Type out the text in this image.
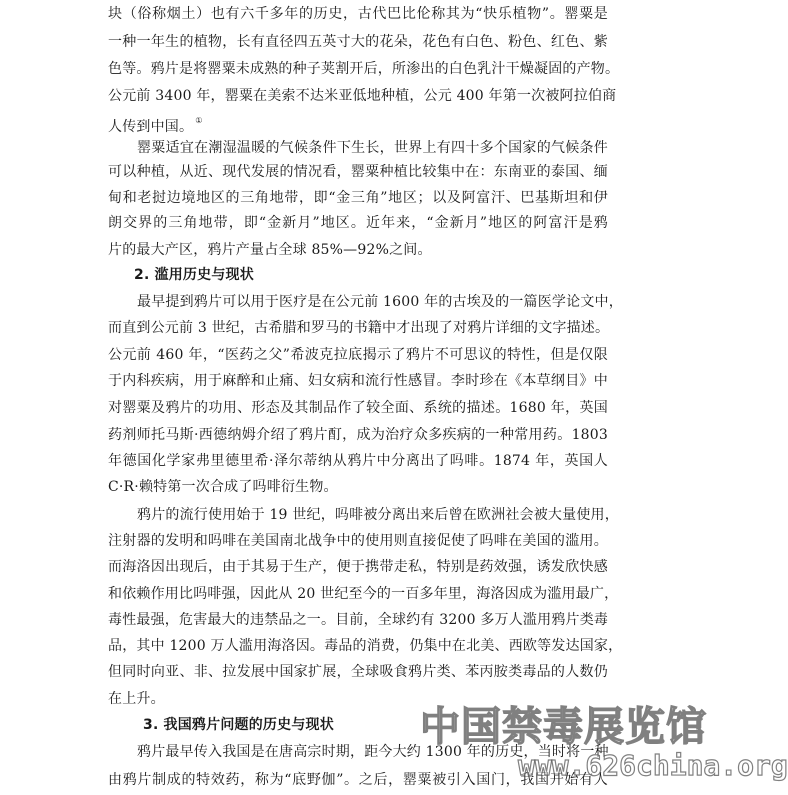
块（俗称烟土）也有六千多年的历史，古代巴比伦称其为“快乐植物”。罂粟是
一种一年生的植物，长有直径四五英寸大的花朵，花色有白色、粉色、红色、紫
色等。鸦片是将罂粟未成熟的种子荚割开后，所渗出的白色乳汁干燥凝固的产物。
公元前 3400 年，罂粟在美索不达米亚低地种植，公元 400 年第一次被阿拉伯商
人传到中国。 ①
罂粟适宜在潮湿温暖的气候条件下生长，世界上有四十多个国家的气候条件
可以种植，从近、现代发展的情况看，罂粟种植比较集中在：东南亚的泰国、缅
甸和老挝边境地区的三角地带，即“金三角”地区；以及阿富汗、巴基斯坦和伊
朗交界的三角地带，即“金新月”地区。近年来，“金新月”地区的阿富汗是鸦
片的最大产区，鸦片产量占全球 85%—92%之间。
2. 滥用历史与现状
最早提到鸦片可以用于医疗是在公元前 1600 年的古埃及的一篇医学论文中，
而直到公元前 3 世纪，古希腊和罗马的书籍中才出现了对鸦片详细的文字描述。
公元前 460 年，“医药之父”希波克拉底揭示了鸦片不可思议的特性，但是仅限
于内科疾病，用于麻醉和止痛、妇女病和流行性感冒。李时珍在《本草纲目》中
对罂粟及鸦片的功用、形态及其制品作了较全面、系统的描述。1680 年，英国
药剂师托马斯·西德纳姆介绍了鸦片酊，成为治疗众多疾病的一种常用药。1803
年德国化学家弗里德里希·泽尔蒂纳从鸦片中分离出了吗啡。1874 年，英国人
C·R·赖特第一次合成了吗啡衍生物。
鸦片的流行使用始于 19 世纪，吗啡被分离出来后曾在欧洲社会被大量使用，
注射器的发明和吗啡在美国南北战争中的使用则直接促使了吗啡在美国的滥用。
而海洛因出现后，由于其易于生产，便于携带走私，特别是药效强，诱发欣快感
和依赖作用比吗啡强，因此从 20 世纪至今的一百多年里，海洛因成为滥用最广，
毒性最强，危害最大的违禁品之一。目前，全球约有 3200 多万人滥用鸦片类毒
品，其中 1200 万人滥用海洛因。毒品的消费，仍集中在北美、西欧等发达国家，
但同时向亚、非、拉发展中国家扩展，全球吸食鸦片类、苯丙胺类毒品的人数仍
在上升。
3. 我国鸦片问题的历史与现状
鸦片最早传入我国是在唐高宗时期，距今大约 1300 年的历史，当时将一种
由鸦片制成的特效药，称为“底野伽”。之后，罂粟被引入国门，我国开始有人
中国禁毒展览馆
www.626china.org
